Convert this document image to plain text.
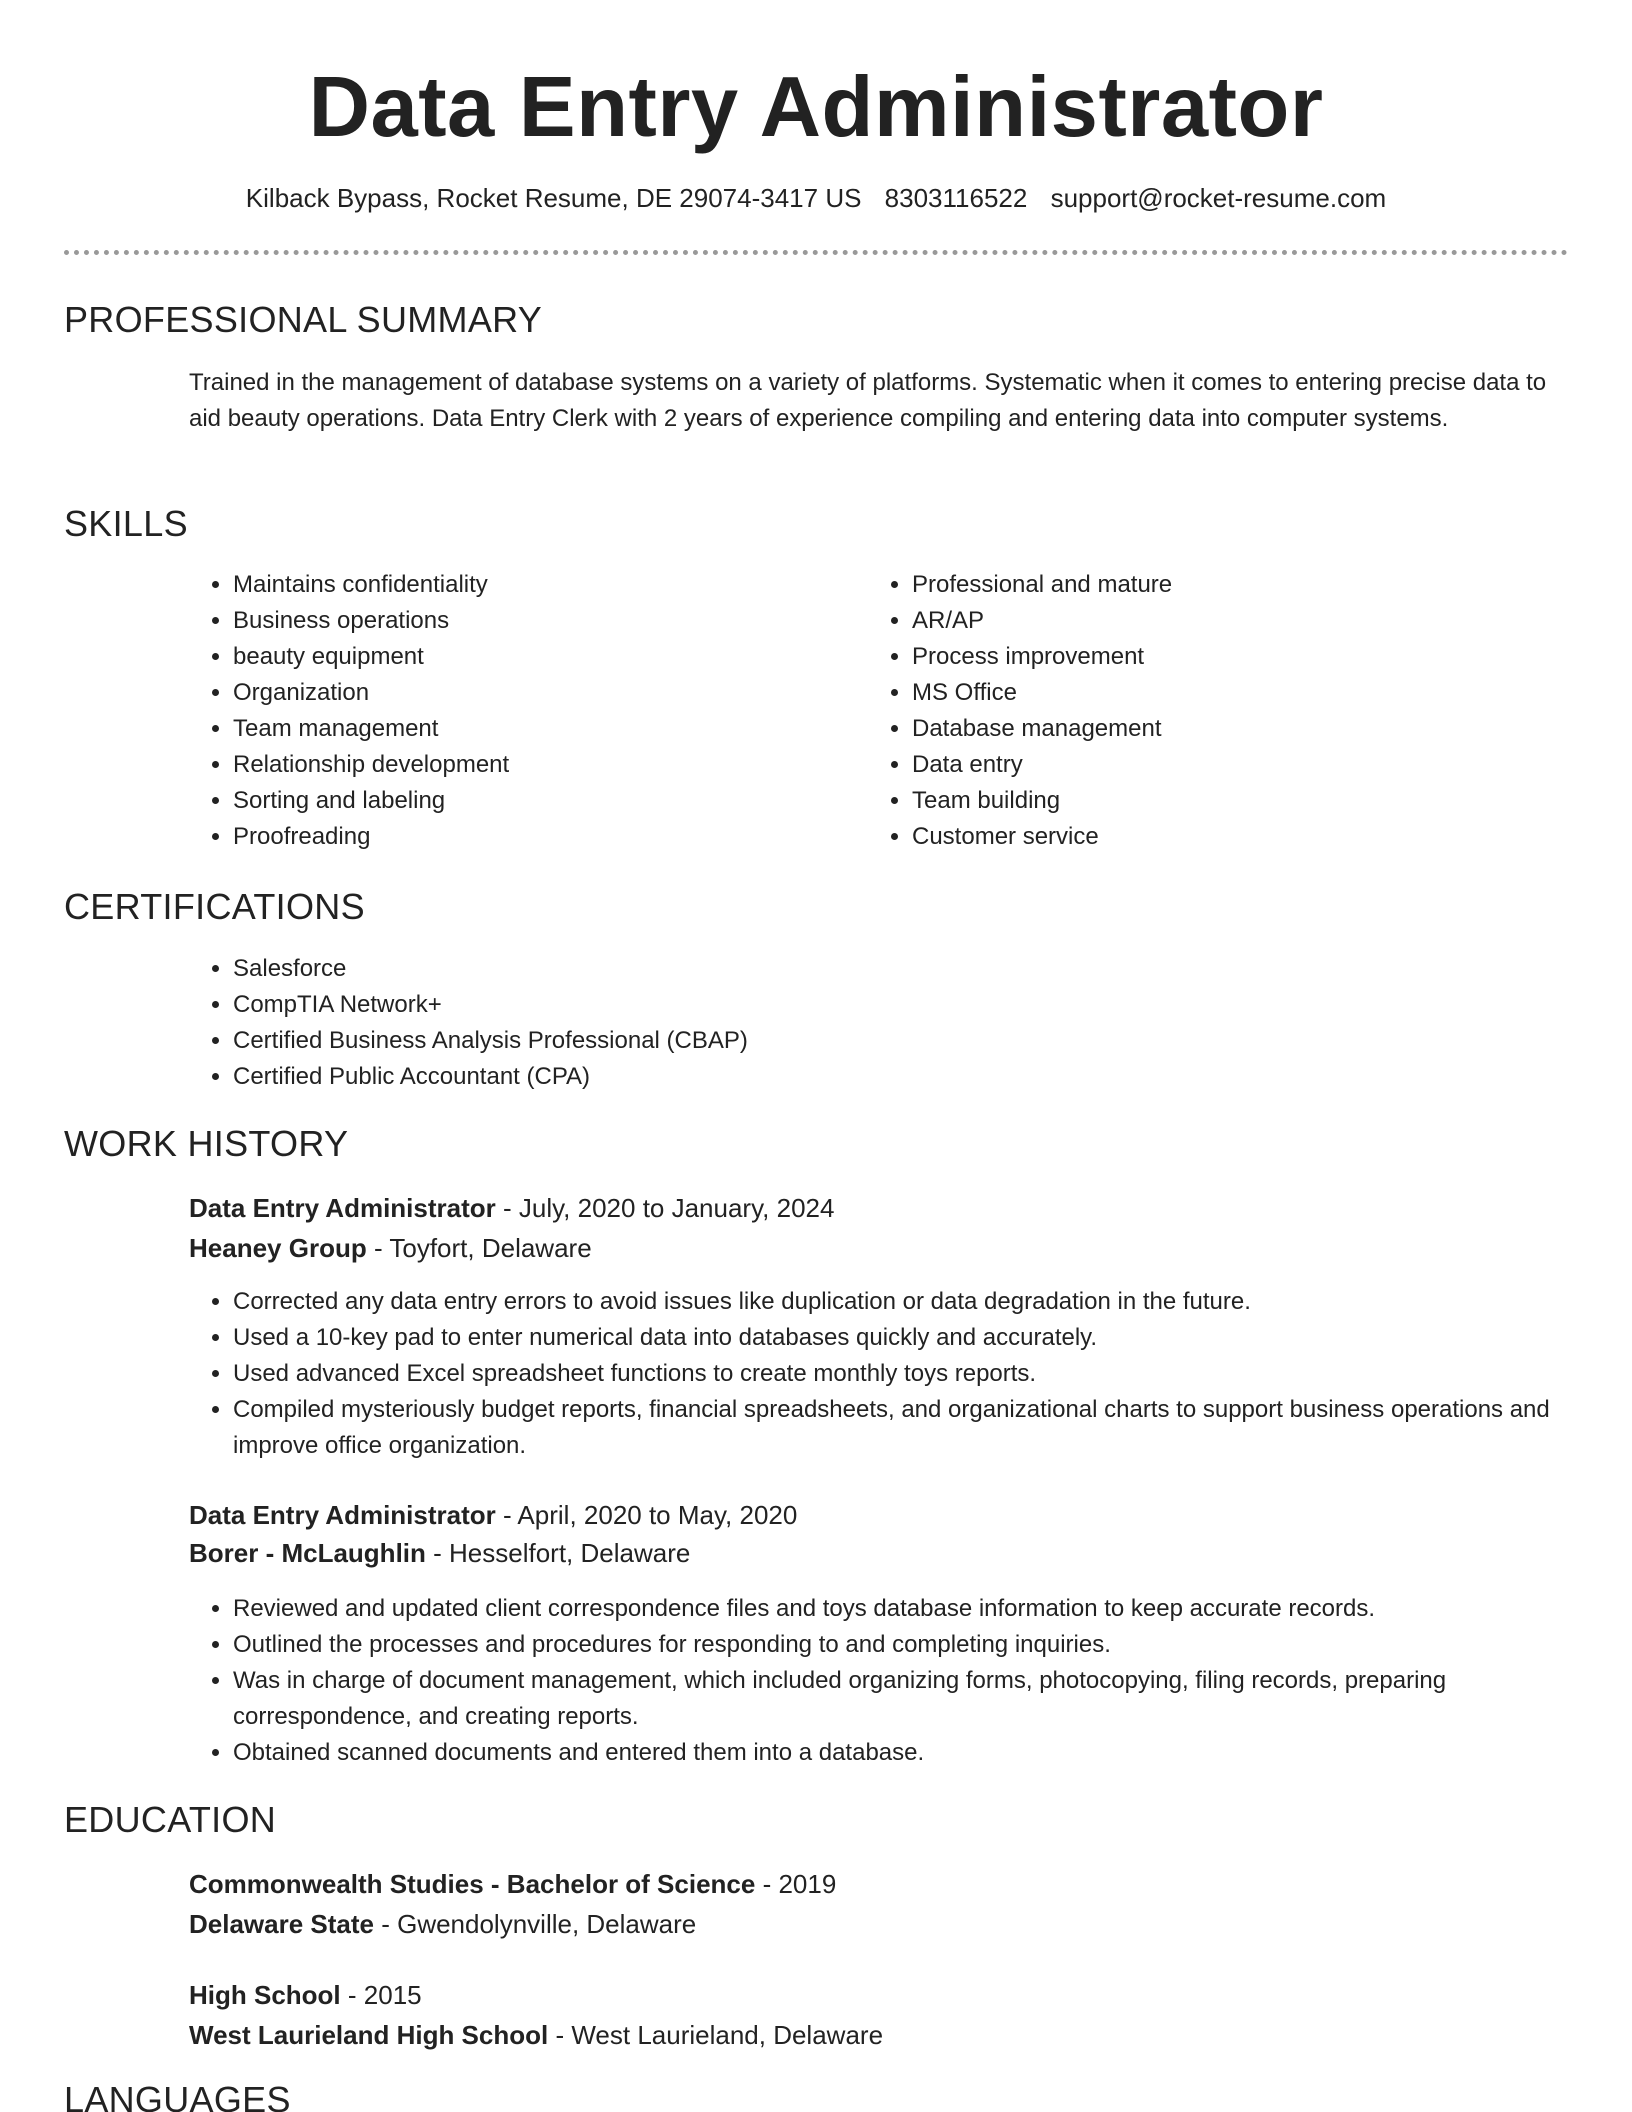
Data Entry Administrator
Kilback Bypass, Rocket Resume, DE 29074-3417 US 8303116522 support@rocket-resume.com
PROFESSIONAL SUMMARY

Trained in the management of database systems on a variety of platforms. Systematic when it comes to entering precise data to aid beauty operations. Data Entry Clerk with 2 years of experience compiling and entering data into computer systems.

SKILLS
• Maintains confidentiality
• Business operations
• beauty equipment
• Organization
• Team management
• Relationship development
• Sorting and labeling
• Proofreading
• Professional and mature
• AR/AP
• Process improvement
• MS Office
• Database management
• Data entry
• Team building
• Customer service
CERTIFICATIONS
• Salesforce
• CompTIA Network+
• Certified Business Analysis Professional (CBAP)
• Certified Public Accountant (CPA)
WORK HISTORY
Data Entry Administrator - July, 2020 to January, 2024
Heaney Group - Toyfort, Delaware
• Corrected any data entry errors to avoid issues like duplication or data degradation in the future.
• Used a 10-key pad to enter numerical data into databases quickly and accurately.
• Used advanced Excel spreadsheet functions to create monthly toys reports.
• Compiled mysteriously budget reports, financial spreadsheets, and organizational charts to support business operations and improve office organization.
Data Entry Administrator - April, 2020 to May, 2020
Borer - McLaughlin - Hesselfort, Delaware
• Reviewed and updated client correspondence files and toys database information to keep accurate records.
• Outlined the processes and procedures for responding to and completing inquiries.
• Was in charge of document management, which included organizing forms, photocopying, filing records, preparing correspondence, and creating reports.
• Obtained scanned documents and entered them into a database.
EDUCATION
Commonwealth Studies - Bachelor of Science - 2019
Delaware State - Gwendolynville, Delaware
High School - 2015
West Laurieland High School - West Laurieland, Delaware
LANGUAGES
